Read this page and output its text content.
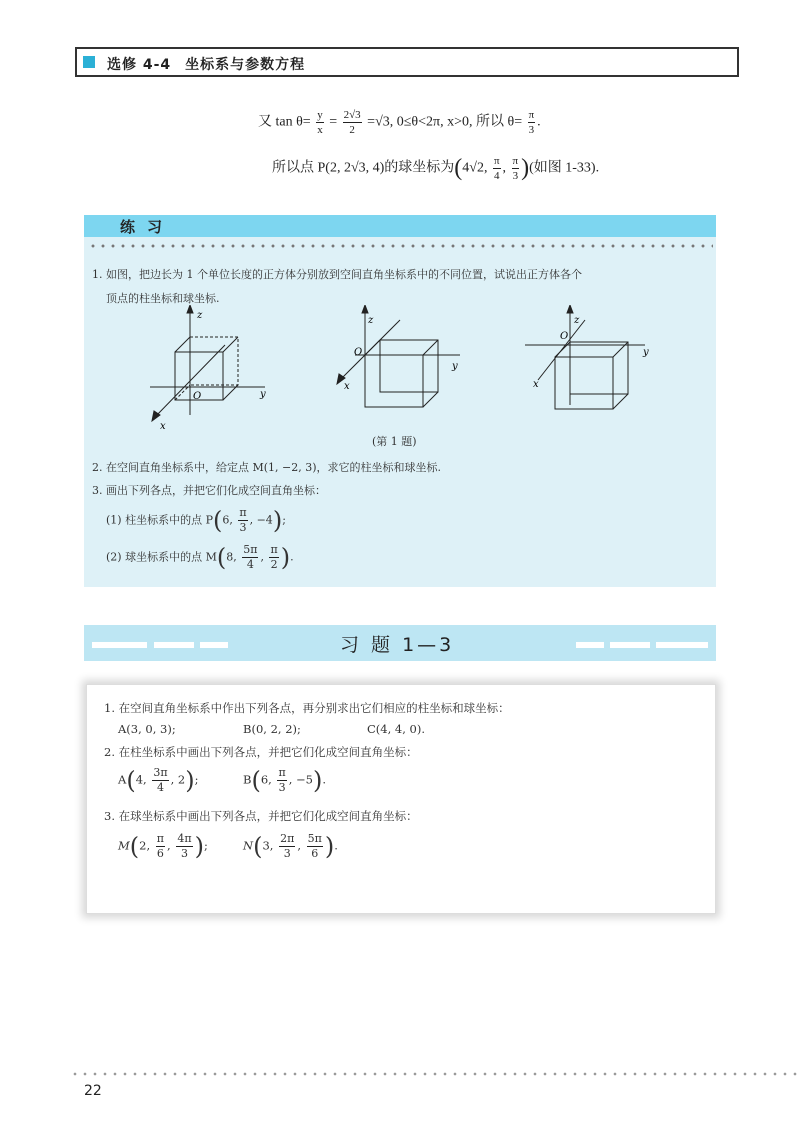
选修 4-4 坐标系与参数方程
又 $\tan \theta= \frac{y}{x} = \frac{2√3}{2} =√3$, 0≤θ<2π, x>0, 所以 $\theta= \frac{\pi}{3}$ .
所以点 P(2, 2√3, 4)的球坐标为(4√2, $\frac{\pi}{4}$ , $\frac{\pi}{3}$ )(如图 1-33).
练习
1. 如图，把边长为 1 个单位长度的正方体分别放到空间直角坐标系中的不同位置，试说出正方体各个
顶点的柱坐标和球坐标.
z
y
x
O
z
y
x
O
z
y
x
O
(第 1 题)
2. 在空间直角坐标系中，给定点 M(1, −2, 3)，求它的柱坐标和球坐标.
3. 画出下列各点，并把它们化成空间直角坐标：
(1) 柱坐标系中的点 P(6, $\frac{\pi}{3}$ , −4);
(2) 球坐标系中的点 M(8, $\frac{5\pi}{4}$ , $\frac{\pi}{2}$ ).
习 题 1—3
1. 在空间直角坐标系中作出下列各点，再分别求出它们相应的柱坐标和球坐标：
A(3, 0, 3);	B(0, 2, 2);	C(4, 4, 0).
2. 在柱坐标系中画出下列各点，并把它们化成空间直角坐标：
A(4, $\frac{3\pi}{4}$ , 2);	B(6, $\frac{\pi}{3}$ , −5).
3. 在球坐标系中画出下列各点，并把它们化成空间直角坐标：
M(2, $\frac{\pi}{6}$ , $\frac{4\pi}{3}$ );	N(3, $\frac{2\pi}{3}$ , $\frac{5\pi}{6}$ ).
22
